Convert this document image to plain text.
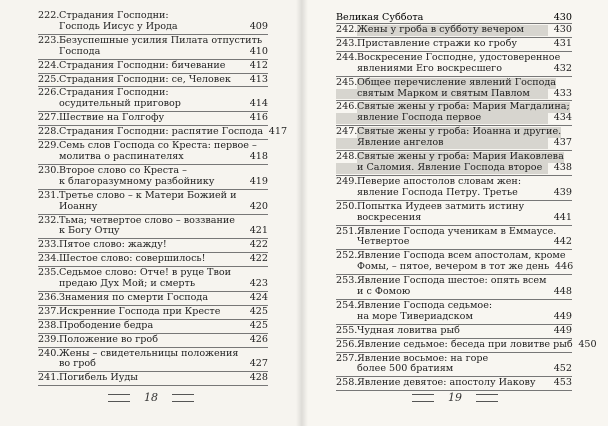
222. Страдания Господни:
Господь Иисус у Ирода	409
223. Безуспешные усилия Пилата отпустить
Господа	410
224. Страдания Господни: бичевание	412
225. Страдания Господни: се, Человек	413
226. Страдания Господни:
осудительный приговор	414
227. Шествие на Голгофу	416
228. Страдания Господни: распятие Господа 417
229. Семь слов Господа со Креста: первое –
молитва о распинателях	418
230. Второе слово со Креста –
к благоразумному разбойнику	419
231. Третье слово – к Матери Божией и
Иоанну	420
232. Тьма; четвертое слово – воззвание
к Богу Отцу	421
233. Пятое слово: жажду!	422
234. Шестое слово: совершилось!	422
235. Седьмое слово: Отче! в руце Твои
предаю Дух Мой; и смерть	423
236. Знамения по смерти Господа	424
237. Искренние Господа при Кресте	425
238. Прободение бедра	425
239. Положение во гроб	426
240. Жены – свидетельницы положения
во гроб	427
241. Погибель Иуды	428
18
Великая Суббота	430
242. Жены у гроба в субботу вечером	430
243. Приставление стражи ко гробу	431
244. Воскресение Господне, удостоверенное
явлениями Его воскресшего	432
245. Общее перечисление явлений Господа
святым Марком и святым Павлом	433
246. Святые жены у гроба: Мария Магдалина;
явление Господа первое	434
247. Святые жены у гроба: Иоанна и другие.
Явление ангелов	437
248. Святые жены у гроба: Мария Иаковлева
и Саломия. Явление Господа второе	438
249. Певерие апостолов словам жен:
явление Господа Петру. Третье	439
250. Попытка Иудеев затмить истину
воскресения	441
251. Явление Господа ученикам в Еммаусе.
Четвертое	442
252. Явление Господа всем апостолам, кроме
Фомы, – пятое, вечером в тот же день 446
253. Явление Господа шестое: опять всем
и с Фомою	448
254. Явление Господа седьмое:
на море Тивериадском	449
255. Чудная ловитва рыб	449
256. Явление седьмое: беседа при ловитве рыб 450
257. Явление восьмое: на горе
более 500 братиям	452
258. Явление девятое: апостолу Иакову	453
19
